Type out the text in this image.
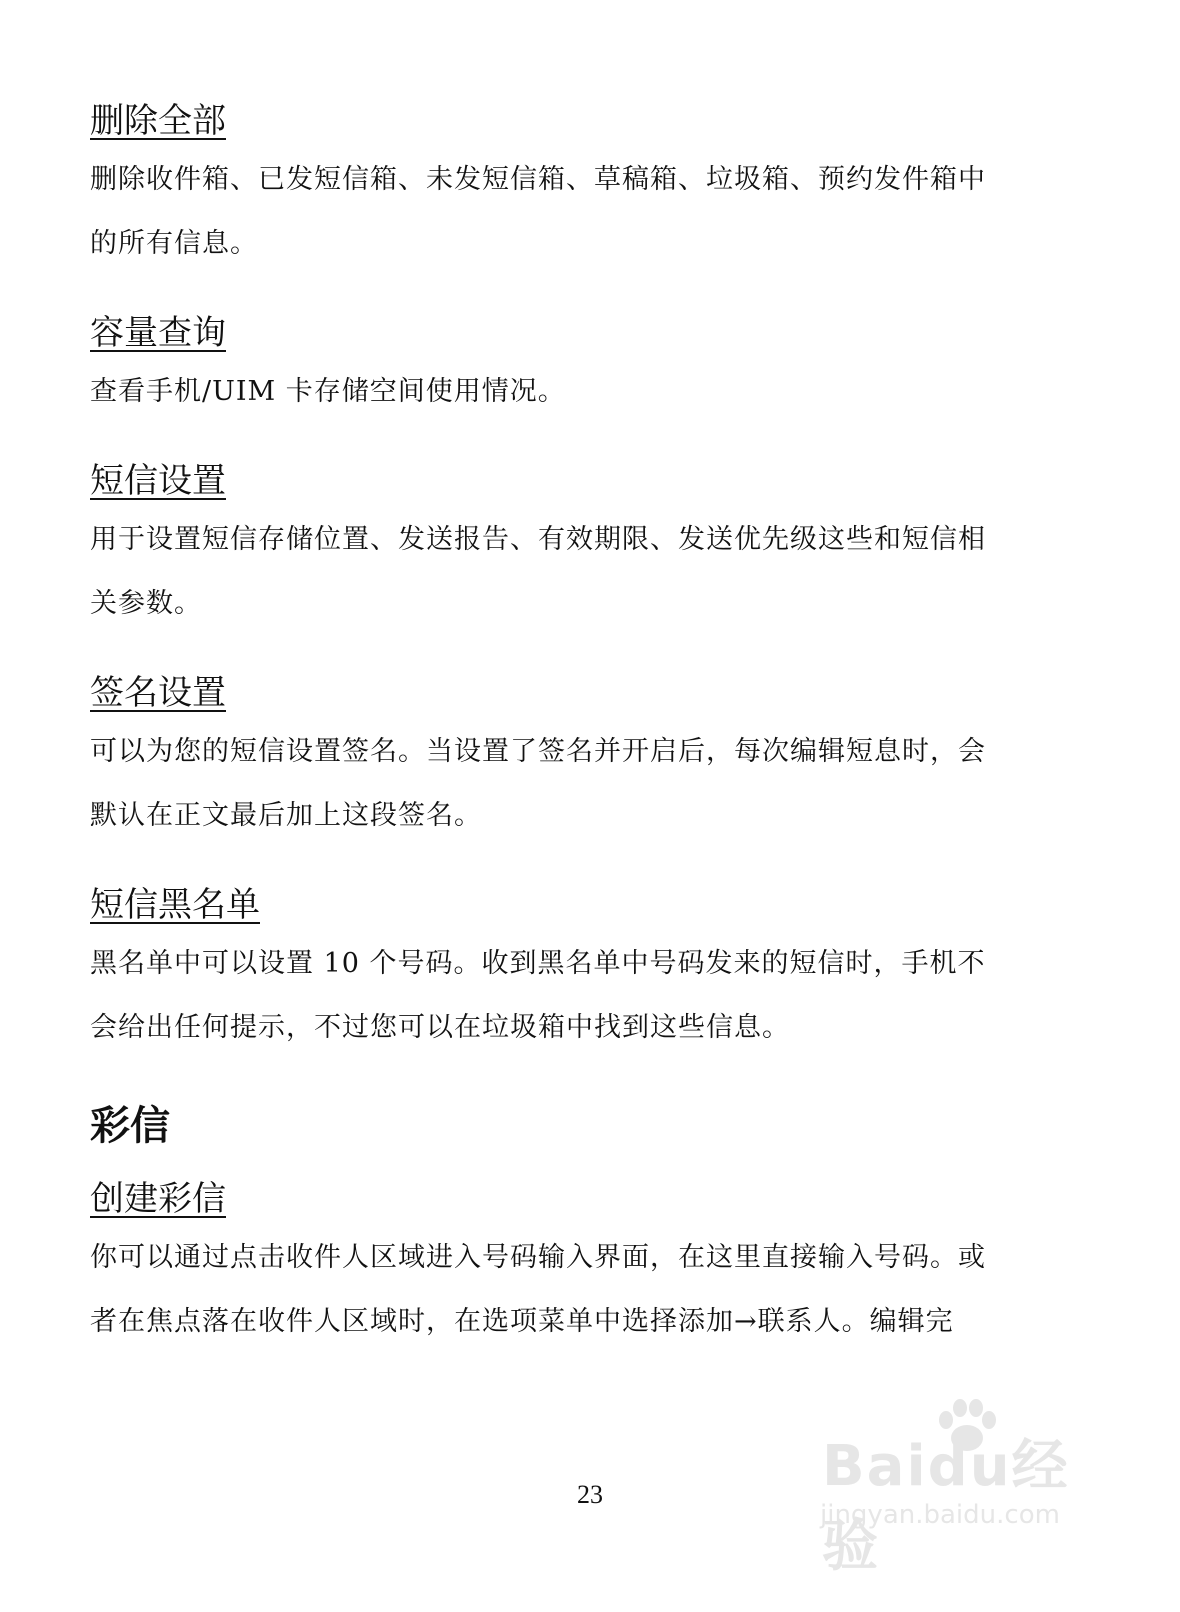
删除全部

删除收件箱、已发短信箱、未发短信箱、草稿箱、垃圾箱、预约发件箱中
的所有信息。

容量查询

查看手机/UIM 卡存储空间使用情况。

短信设置

用于设置短信存储位置、发送报告、有效期限、发送优先级这些和短信相
关参数。

签名设置

可以为您的短信设置签名。当设置了签名并开启后，每次编辑短息时，会
默认在正文最后加上这段签名。

短信黑名单

黑名单中可以设置 10 个号码。收到黑名单中号码发来的短信时，手机不
会给出任何提示，不过您可以在垃圾箱中找到这些信息。

彩信
创建彩信

你可以通过点击收件人区域进入号码输入界面，在这里直接输入号码。或
者在焦点落在收件人区域时，在选项菜单中选择添加→联系人。编辑完

23	Baidu经验
jingyan.baidu.com
